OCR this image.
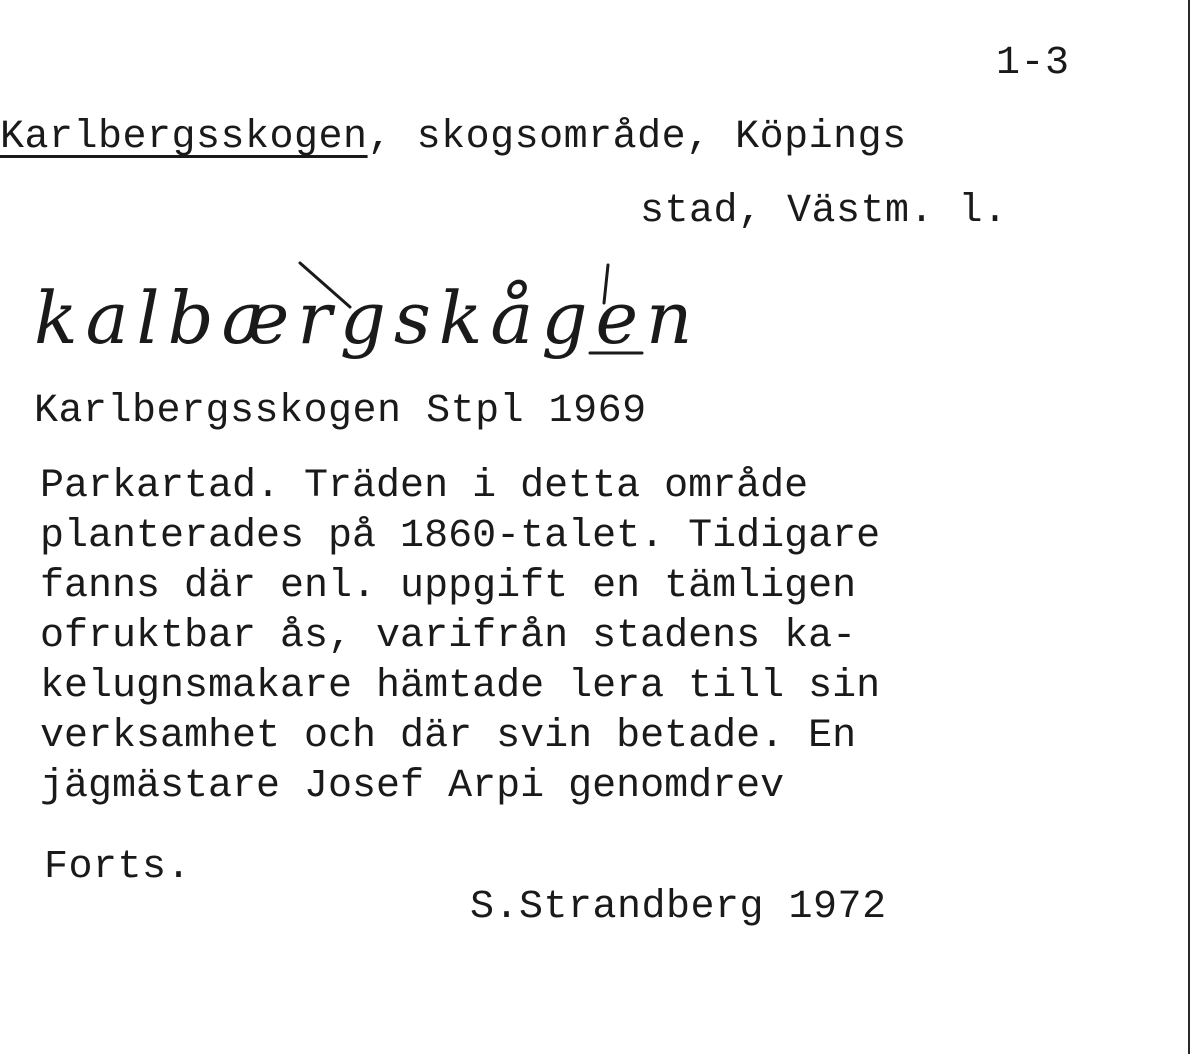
1-3
Karlbergsskogen, skogsområde, Köpings
stad, Västm. l.
kalbærgskågen
Karlbergsskogen Stpl 1969
Parkartad. Träden i detta område
planterades på 1860-talet. Tidigare
fanns där enl. uppgift en tämligen
ofruktbar ås, varifrån stadens ka-
kelugnsmakare hämtade lera till sin
verksamhet och där svin betade. En
jägmästare Josef Arpi genomdrev
Forts.
S.Strandberg 1972
